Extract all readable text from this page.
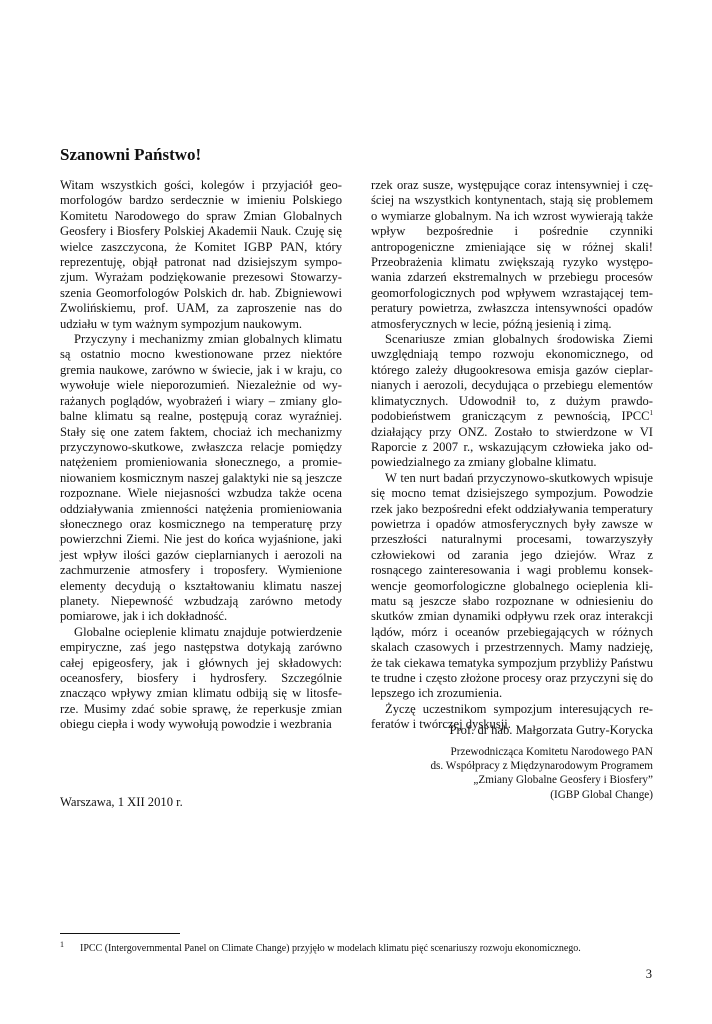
Szanowni Państwo!

Witam wszystkich gości, kolegów i przyjaciół geomorfologów bardzo serdecznie w imieniu Polskiego Komitetu Narodowego do spraw Zmian Globalnych Geosfery i Biosfery Polskiej Akademii Nauk. Czuję się wielce zaszczycona, że Komitet IGBP PAN, który reprezentuję, objął patronat nad dzisiejszym sympozjum. Wyrażam podziękowanie prezesowi Stowarzyszenia Geomorfologów Polskich dr. hab. Zbigniewowi Zwolińskiemu, prof. UAM, za zaproszenie nas do udziału w tym ważnym sympozjum naukowym.

Przyczyny i mechanizmy zmian globalnych klimatu są ostatnio mocno kwestionowane przez niektóre gremia naukowe, zarówno w świecie, jak i w kraju, co wywołuje wiele nieporozumień. Niezależnie od wyrażanych poglądów, wyobrażeń i wiary – zmiany globalne klimatu są realne, postępują coraz wyraźniej. Stały się one zatem faktem, chociaż ich mechanizmy przyczynowo-skutkowe, zwłaszcza relacje pomiędzy natężeniem promieniowania słonecznego, a promieniowaniem kosmicznym naszej galaktyki nie są jeszcze rozpoznane. Wiele niejasności wzbudza także ocena oddziaływania zmienności natężenia promieniowania słonecznego oraz kosmicznego na temperaturę przy powierzchni Ziemi. Nie jest do końca wyjaśnione, jaki jest wpływ ilości gazów cieplarnianych i aerozoli na zachmurzenie atmosfery i troposfery. Wymienione elementy decydują o kształtowaniu klimatu naszej planety. Niepewność wzbudzają zarówno metody pomiarowe, jak i ich dokładność.

Globalne ocieplenie klimatu znajduje potwierdzenie empiryczne, zaś jego następstwa dotykają zarówno całej epigeosfery, jak i głównych jej składowych: oceanosfery, biosfery i hydrosfery. Szczególnie znacząco wpływy zmian klimatu odbiją się w litosferze. Musimy zdać sobie sprawę, że reperkusje zmian obiegu ciepła i wody wywołują powodzie i wezbrania

rzek oraz susze, występujące coraz intensywniej i częściej na wszystkich kontynentach, stają się problemem o wymiarze globalnym. Na ich wzrost wywierają także wpływ bezpośrednie i pośrednie czynniki antropogeniczne zmieniające się w różnej skali! Przeobrażenia klimatu zwiększają ryzyko występowania zdarzeń ekstremalnych w przebiegu procesów geomorfologicznych pod wpływem wzrastającej temperatury powietrza, zwłaszcza intensywności opadów atmosferycznych w lecie, późną jesienią i zimą.

Scenariusze zmian globalnych środowiska Ziemi uwzględniają tempo rozwoju ekonomicznego, od którego zależy długookresowa emisja gazów cieplarnianych i aerozoli, decydująca o przebiegu elementów klimatycznych. Udowodnił to, z dużym prawdopodobieństwem graniczącym z pewnością, IPCC$^1$ działający przy ONZ. Zostało to stwierdzone w VI Raporcie z 2007 r., wskazującym człowieka jako odpowiedzialnego za zmiany globalne klimatu.

W ten nurt badań przyczynowo-skutkowych wpisuje się mocno temat dzisiejszego sympozjum. Powodzie rzek jako bezpośredni efekt oddziaływania temperatury powietrza i opadów atmosferycznych były zawsze w przeszłości naturalnymi procesami, towarzyszyły człowiekowi od zarania jego dziejów. Wraz z rosnącego zainteresowania i wagi problemu konsekwencje geomorfologiczne globalnego ocieplenia klimatu są jeszcze słabo rozpoznane w odniesieniu do skutków zmian dynamiki odpływu rzek oraz interakcji lądów, mórz i oceanów przebiegających w różnych skalach czasowych i przestrzennych. Mamy nadzieję, że tak ciekawa tematyka sympozjum przybliży Państwu te trudne i często złożone procesy oraz przyczyni się do lepszego ich zrozumienia.

Życzę uczestnikom sympozjum interesujących referatów i twórczej dyskusji.

Prof. dr hab. Małgorzata Gutry-Korycka

Przewodnicząca Komitetu Narodowego PAN

ds. Współpracy z Międzynarodowym Programem

„Zmiany Globalne Geosfery i Biosfery”

(IGBP Global Change)

Warszawa, 1 XII 2010 r.

1 IPCC (Intergovernmental Panel on Climate Change) przyjęło w modelach klimatu pięć scenariuszy rozwoju ekonomicznego.
3
